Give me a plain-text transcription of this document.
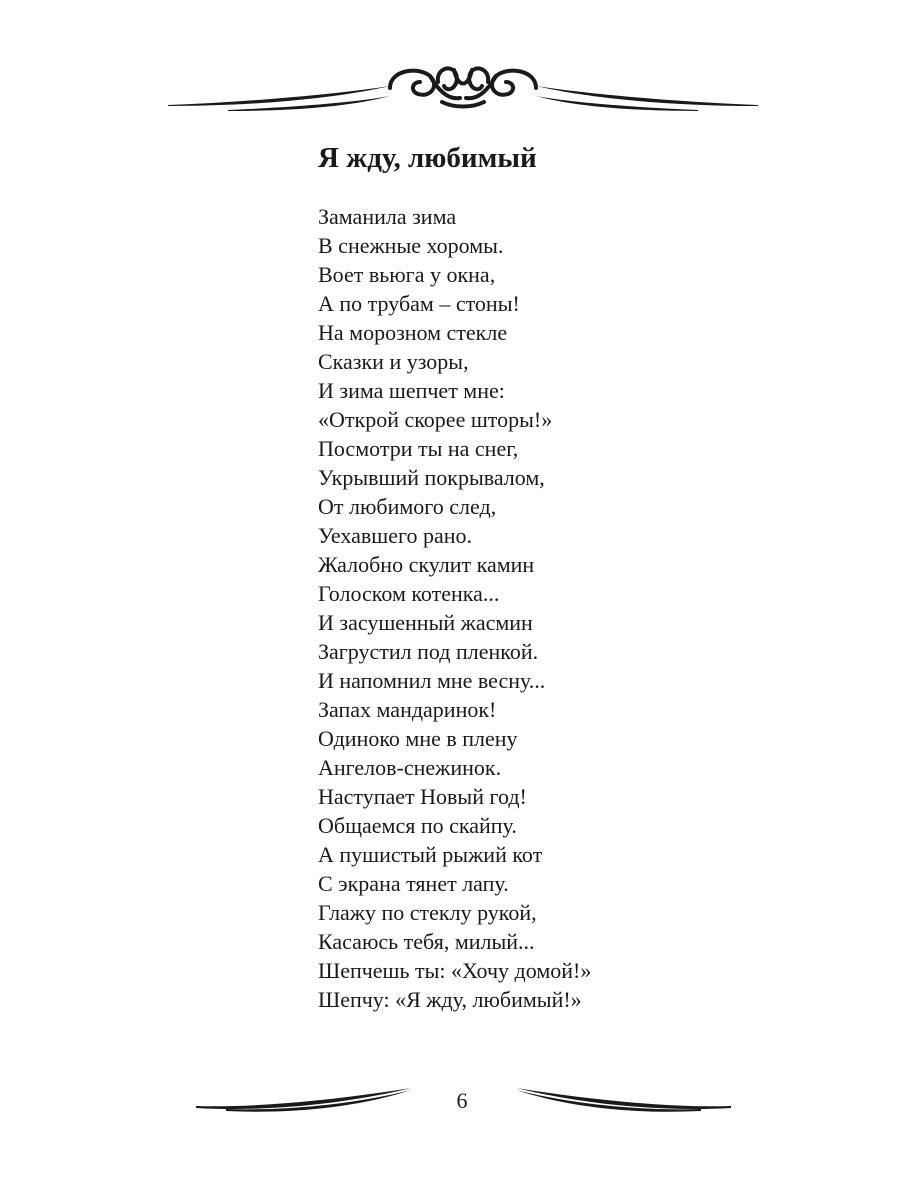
Я жду, любимый
Заманила зима
В снежные хоромы.
Воет вьюга у окна,
А по трубам – стоны!
На морозном стекле
Сказки и узоры,
И зима шепчет мне:
«Открой скорее шторы!»
Посмотри ты на снег,
Укрывший покрывалом,
От любимого след,
Уехавшего рано.
Жалобно скулит камин
Голоском котенка...
И засушенный жасмин
Загрустил под пленкой.
И напомнил мне весну...
Запах мандаринок!
Одиноко мне в плену
Ангелов-снежинок.
Наступает Новый год!
Общаемся по скайпу.
А пушистый рыжий кот
С экрана тянет лапу.
Глажу по стеклу рукой,
Касаюсь тебя, милый...
Шепчешь ты: «Хочу домой!»
Шепчу: «Я жду, любимый!»
6
